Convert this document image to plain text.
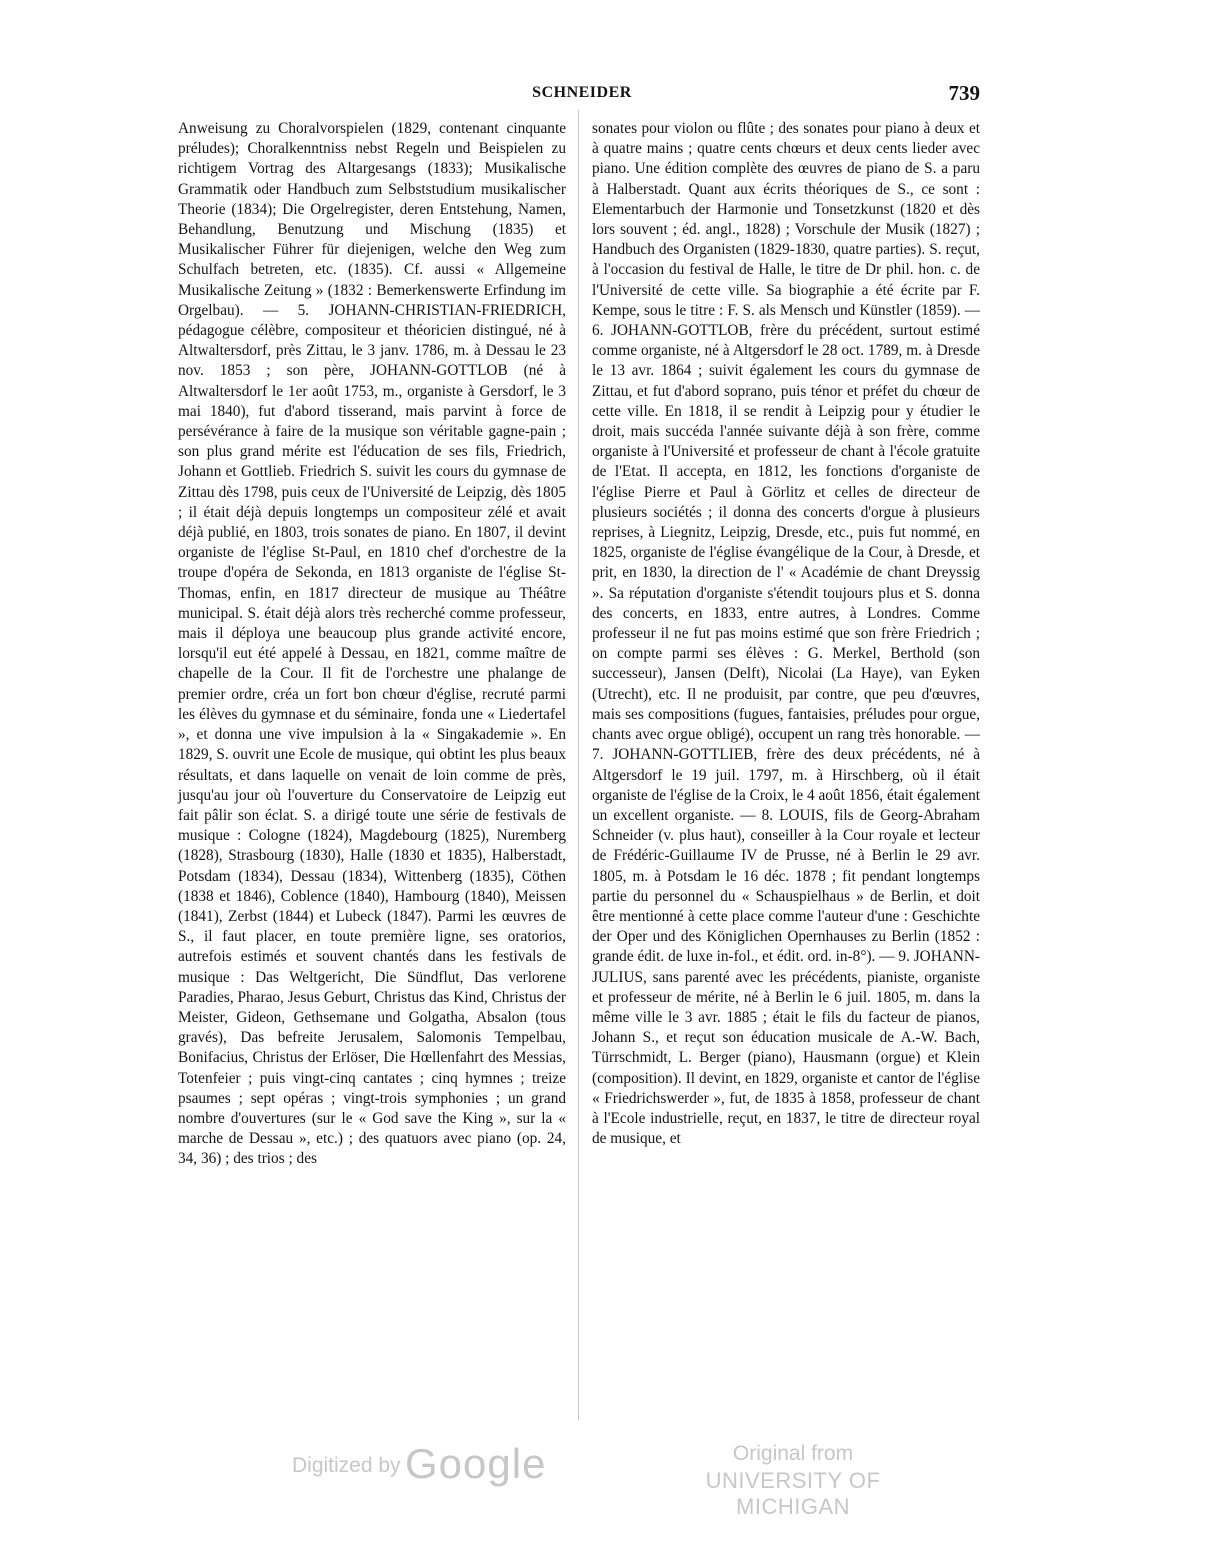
SCHNEIDER	739

Anweisung zu Choralvorspielen (1829, contenant cinquante préludes); Choralkenntniss nebst Regeln und Beispielen zu richtigem Vortrag des Altargesangs (1833); Musikalische Grammatik oder Handbuch zum Selbststudium musikalischer Theorie (1834); Die Orgelregister, deren Entstehung, Namen, Behandlung, Benutzung und Mischung (1835) et Musikalischer Führer für diejenigen, welche den Weg zum Schulfach betreten, etc. (1835). Cf. aussi « Allgemeine Musikalische Zeitung » (1832 : Bemerkenswerte Erfindung im Orgelbau). — 5. JOHANN-CHRISTIAN-FRIEDRICH, pédagogue célèbre, compositeur et théoricien distingué, né à Altwaltersdorf, près Zittau, le 3 janv. 1786, m. à Dessau le 23 nov. 1853 ; son père, JOHANN-GOTTLOB (né à Altwaltersdorf le 1er août 1753, m., organiste à Gersdorf, le 3 mai 1840), fut d'abord tisserand, mais parvint à force de persévérance à faire de la musique son véritable gagne-pain ; son plus grand mérite est l'éducation de ses fils, Friedrich, Johann et Gottlieb. Friedrich S. suivit les cours du gymnase de Zittau dès 1798, puis ceux de l'Université de Leipzig, dès 1805 ; il était déjà depuis longtemps un compositeur zélé et avait déjà publié, en 1803, trois sonates de piano. En 1807, il devint organiste de l'église St-Paul, en 1810 chef d'orchestre de la troupe d'opéra de Sekonda, en 1813 organiste de l'église St-Thomas, enfin, en 1817 directeur de musique au Théâtre municipal. S. était déjà alors très recherché comme professeur, mais il déploya une beaucoup plus grande activité encore, lorsqu'il eut été appelé à Dessau, en 1821, comme maître de chapelle de la Cour. Il fit de l'orchestre une phalange de premier ordre, créa un fort bon chœur d'église, recruté parmi les élèves du gymnase et du séminaire, fonda une « Liedertafel », et donna une vive impulsion à la « Singakademie ». En 1829, S. ouvrit une Ecole de musique, qui obtint les plus beaux résultats, et dans laquelle on venait de loin comme de près, jusqu'au jour où l'ouverture du Conservatoire de Leipzig eut fait pâlir son éclat. S. a dirigé toute une série de festivals de musique : Cologne (1824), Magdebourg (1825), Nuremberg (1828), Strasbourg (1830), Halle (1830 et 1835), Halberstadt, Potsdam (1834), Dessau (1834), Wittenberg (1835), Cöthen (1838 et 1846), Coblence (1840), Hambourg (1840), Meissen (1841), Zerbst (1844) et Lubeck (1847). Parmi les œuvres de S., il faut placer, en toute première ligne, ses oratorios, autrefois estimés et souvent chantés dans les festivals de musique : Das Weltgericht, Die Sündflut, Das verlorene Paradies, Pharao, Jesus Geburt, Christus das Kind, Christus der Meister, Gideon, Gethsemane und Golgatha, Absalon (tous gravés), Das befreite Jerusalem, Salomonis Tempelbau, Bonifacius, Christus der Erlöser, Die Hœllenfahrt des Messias, Totenfeier ; puis vingt-cinq cantates ; cinq hymnes ; treize psaumes ; sept opéras ; vingt-trois symphonies ; un grand nombre d'ouvertures (sur le « God save the King », sur la « marche de Dessau », etc.) ; des quatuors avec piano (op. 24, 34, 36) ; des trios ; des

sonates pour violon ou flûte ; des sonates pour piano à deux et à quatre mains ; quatre cents chœurs et deux cents lieder avec piano. Une édition complète des œuvres de piano de S. a paru à Halberstadt. Quant aux écrits théoriques de S., ce sont : Elementarbuch der Harmonie und Tonsetzkunst (1820 et dès lors souvent ; éd. angl., 1828) ; Vorschule der Musik (1827) ; Handbuch des Organisten (1829-1830, quatre parties). S. reçut, à l'occasion du festival de Halle, le titre de Dr phil. hon. c. de l'Université de cette ville. Sa biographie a été écrite par F. Kempe, sous le titre : F. S. als Mensch und Künstler (1859). — 6. JOHANN-GOTTLOB, frère du précédent, surtout estimé comme organiste, né à Altgersdorf le 28 oct. 1789, m. à Dresde le 13 avr. 1864 ; suivit également les cours du gymnase de Zittau, et fut d'abord soprano, puis ténor et préfet du chœur de cette ville. En 1818, il se rendit à Leipzig pour y étudier le droit, mais succéda l'année suivante déjà à son frère, comme organiste à l'Université et professeur de chant à l'école gratuite de l'Etat. Il accepta, en 1812, les fonctions d'organiste de l'église Pierre et Paul à Görlitz et celles de directeur de plusieurs sociétés ; il donna des concerts d'orgue à plusieurs reprises, à Liegnitz, Leipzig, Dresde, etc., puis fut nommé, en 1825, organiste de l'église évangélique de la Cour, à Dresde, et prit, en 1830, la direction de l' « Académie de chant Dreyssig ». Sa réputation d'organiste s'étendit toujours plus et S. donna des concerts, en 1833, entre autres, à Londres. Comme professeur il ne fut pas moins estimé que son frère Friedrich ; on compte parmi ses élèves : G. Merkel, Berthold (son successeur), Jansen (Delft), Nicolai (La Haye), van Eyken (Utrecht), etc. Il ne produisit, par contre, que peu d'œuvres, mais ses compositions (fugues, fantaisies, préludes pour orgue, chants avec orgue obligé), occupent un rang très honorable. — 7. JOHANN-GOTTLIEB, frère des deux précédents, né à Altgersdorf le 19 juil. 1797, m. à Hirschberg, où il était organiste de l'église de la Croix, le 4 août 1856, était également un excellent organiste. — 8. LOUIS, fils de Georg-Abraham Schneider (v. plus haut), conseiller à la Cour royale et lecteur de Frédéric-Guillaume IV de Prusse, né à Berlin le 29 avr. 1805, m. à Potsdam le 16 déc. 1878 ; fit pendant longtemps partie du personnel du « Schauspielhaus » de Berlin, et doit être mentionné à cette place comme l'auteur d'une : Geschichte der Oper und des Königlichen Opernhauses zu Berlin (1852 : grande édit. de luxe in-fol., et édit. ord. in-8°). — 9. JOHANN-JULIUS, sans parenté avec les précédents, pianiste, organiste et professeur de mérite, né à Berlin le 6 juil. 1805, m. dans la même ville le 3 avr. 1885 ; était le fils du facteur de pianos, Johann S., et reçut son éducation musicale de A.-W. Bach, Türrschmidt, L. Berger (piano), Hausmann (orgue) et Klein (composition). Il devint, en 1829, organiste et cantor de l'église « Friedrichswerder », fut, de 1835 à 1858, professeur de chant à l'Ecole industrielle, reçut, en 1837, le titre de directeur royal de musique, et

Digitized by Google	Original from
UNIVERSITY OF MICHIGAN
